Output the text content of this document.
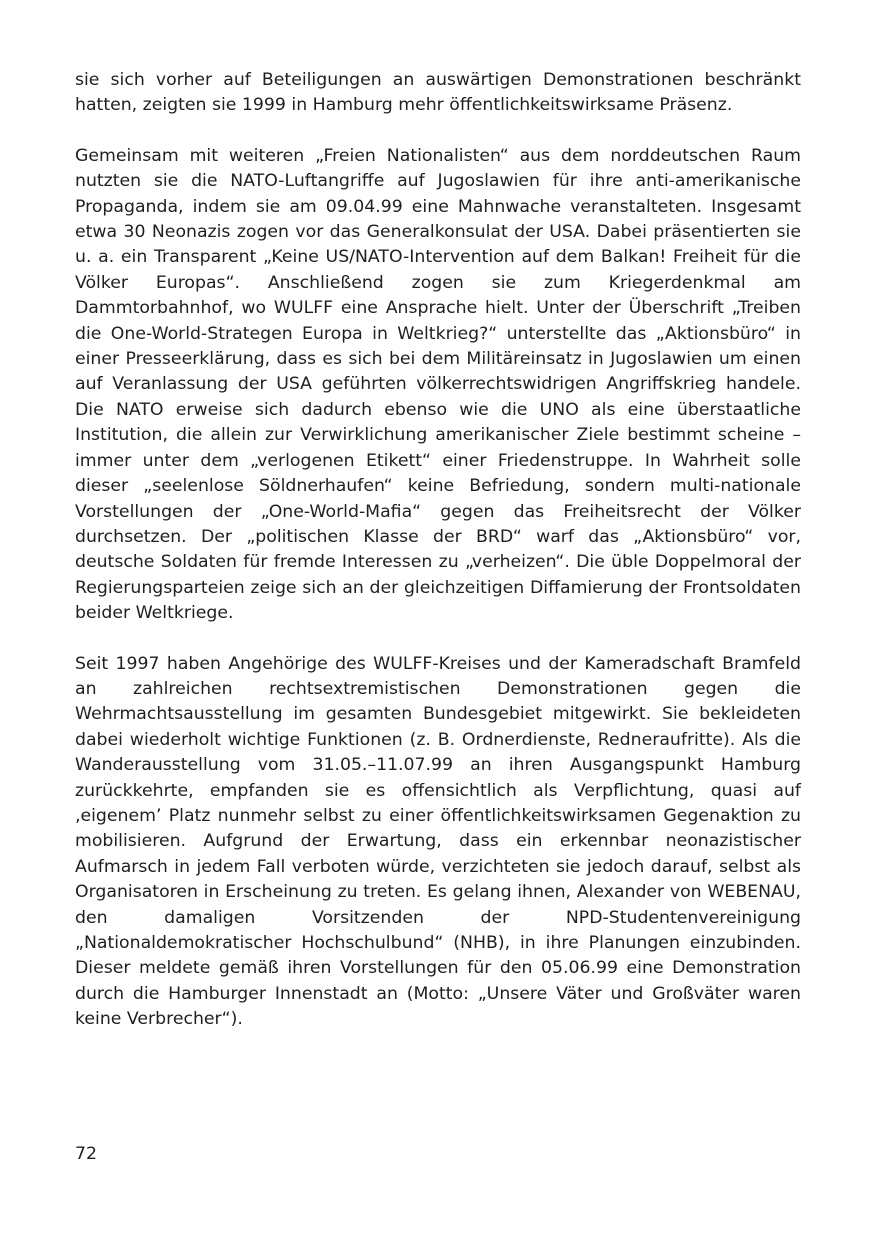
sie sich vorher auf Beteiligungen an auswärtigen Demonstrationen beschränkt hatten, zeigten sie 1999 in Hamburg mehr öffentlichkeitswirksame Präsenz.

Gemeinsam mit weiteren „Freien Nationalisten“ aus dem norddeutschen Raum nutzten sie die NATO-Luftangriffe auf Jugoslawien für ihre anti-amerikanische Propaganda, indem sie am 09.04.99 eine Mahnwache veranstalteten. Insgesamt etwa 30 Neonazis zogen vor das Generalkonsulat der USA. Dabei präsentierten sie u. a. ein Transparent „Keine US/NATO-Intervention auf dem Balkan! Freiheit für die Völker Europas“. Anschließend zogen sie zum Kriegerdenkmal am Dammtorbahnhof, wo WULFF eine Ansprache hielt. Unter der Überschrift „Treiben die One-World-Strategen Europa in Weltkrieg?“ unterstellte das „Aktionsbüro“ in einer Presseerklärung, dass es sich bei dem Militäreinsatz in Jugoslawien um einen auf Veranlassung der USA geführten völkerrechtswidrigen Angriffskrieg handele. Die NATO erweise sich dadurch ebenso wie die UNO als eine überstaatliche Institution, die allein zur Verwirklichung amerikanischer Ziele bestimmt scheine – immer unter dem „verlogenen Etikett“ einer Friedenstruppe. In Wahrheit solle dieser „seelenlose Söldnerhaufen“ keine Befriedung, sondern multi-nationale Vorstellungen der „One-World-Mafia“ gegen das Freiheitsrecht der Völker durchsetzen. Der „politischen Klasse der BRD“ warf das „Aktionsbüro“ vor, deutsche Soldaten für fremde Interessen zu „verheizen“. Die üble Doppelmoral der Regierungsparteien zeige sich an der gleichzeitigen Diffamierung der Frontsoldaten beider Weltkriege.

Seit 1997 haben Angehörige des WULFF-Kreises und der Kameradschaft Bramfeld an zahlreichen rechtsextremistischen Demonstrationen gegen die Wehrmachtsausstellung im gesamten Bundesgebiet mitgewirkt. Sie bekleideten dabei wiederholt wichtige Funktionen (z. B. Ordnerdienste, Redneraufritte). Als die Wanderausstellung vom 31.05.–11.07.99 an ihren Ausgangspunkt Hamburg zurückkehrte, empfanden sie es offensichtlich als Verpflichtung, quasi auf ‚eigenem’ Platz nunmehr selbst zu einer öffentlichkeitswirksamen Gegenaktion zu mobilisieren. Aufgrund der Erwartung, dass ein erkennbar neonazistischer Aufmarsch in jedem Fall verboten würde, verzichteten sie jedoch darauf, selbst als Organisatoren in Erscheinung zu treten. Es gelang ihnen, Alexander von WEBENAU, den damaligen Vorsitzenden der NPD-Studentenvereinigung „Nationaldemokratischer Hochschulbund“ (NHB), in ihre Planungen einzubinden. Dieser meldete gemäß ihren Vorstellungen für den 05.06.99 eine Demonstration durch die Hamburger Innenstadt an (Motto: „Unsere Väter und Großväter waren keine Verbrecher“).

72
